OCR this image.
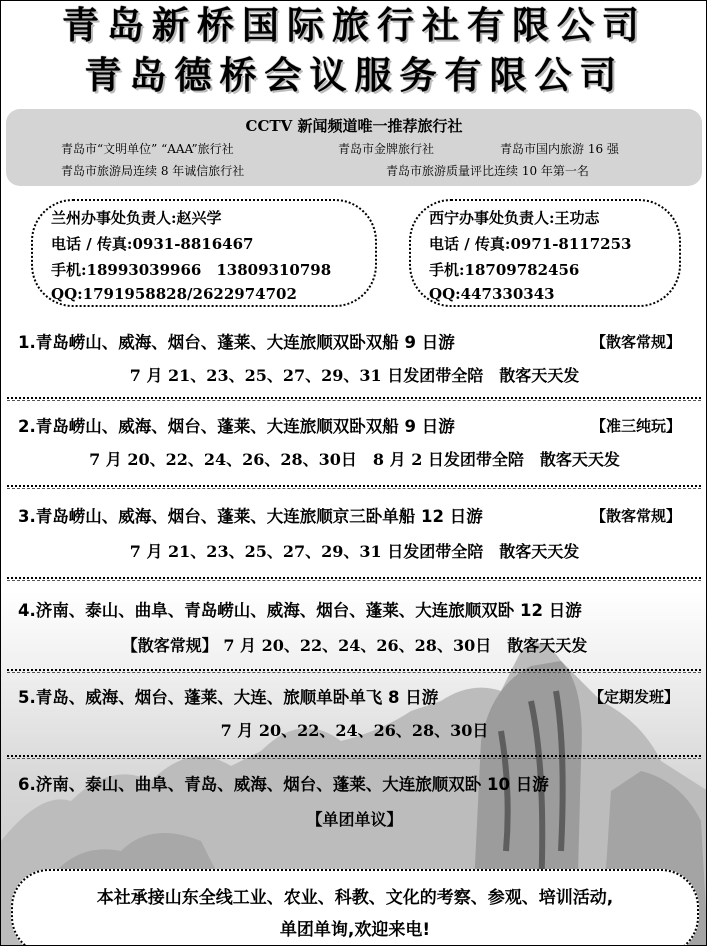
青岛新桥国际旅行社有限公司
青岛德桥会议服务有限公司
CCTV 新闻频道唯一推荐旅行社
青岛市“文明单位” “AAA”旅行社	青岛市金牌旅行社	青岛市国内旅游 16 强
青岛市旅游局连续 8 年诚信旅行社	青岛市旅游质量评比连续 10 年第一名
兰州办事处负责人:赵兴学
电话 / 传真:0931-8816467
手机:18993039966　13809310798
QQ:1791958828/2622974702
西宁办事处负责人:王功志
电话 / 传真:0971-8117253
手机:18709782456
QQ:447330343
1.青岛崂山、威海、烟台、蓬莱、大连旅顺双卧双船 9 日游	【散客常规】
7 月 21、23、25、27、29、31 日发团带全陪　散客天天发
2.青岛崂山、威海、烟台、蓬莱、大连旅顺双卧双船 9 日游	【准三纯玩】
7 月 20、22、24、26、28、30日　8 月 2 日发团带全陪　散客天天发
3.青岛崂山、威海、烟台、蓬莱、大连旅顺京三卧单船 12 日游	【散客常规】
7 月 21、23、25、27、29、31 日发团带全陪　散客天天发
4.济南、泰山、曲阜、青岛崂山、威海、烟台、蓬莱、大连旅顺双卧 12 日游
【散客常规】 7 月 20、22、24、26、28、30日　散客天天发
5.青岛、威海、烟台、蓬莱、大连、旅顺单卧单飞 8 日游	【定期发班】
7 月 20、22、24、26、28、30日
6.济南、泰山、曲阜、青岛、威海、烟台、蓬莱、大连旅顺双卧 10 日游
【单团单议】
本社承接山东全线工业、农业、科教、文化的考察、参观、培训活动,
单团单询,欢迎来电!
